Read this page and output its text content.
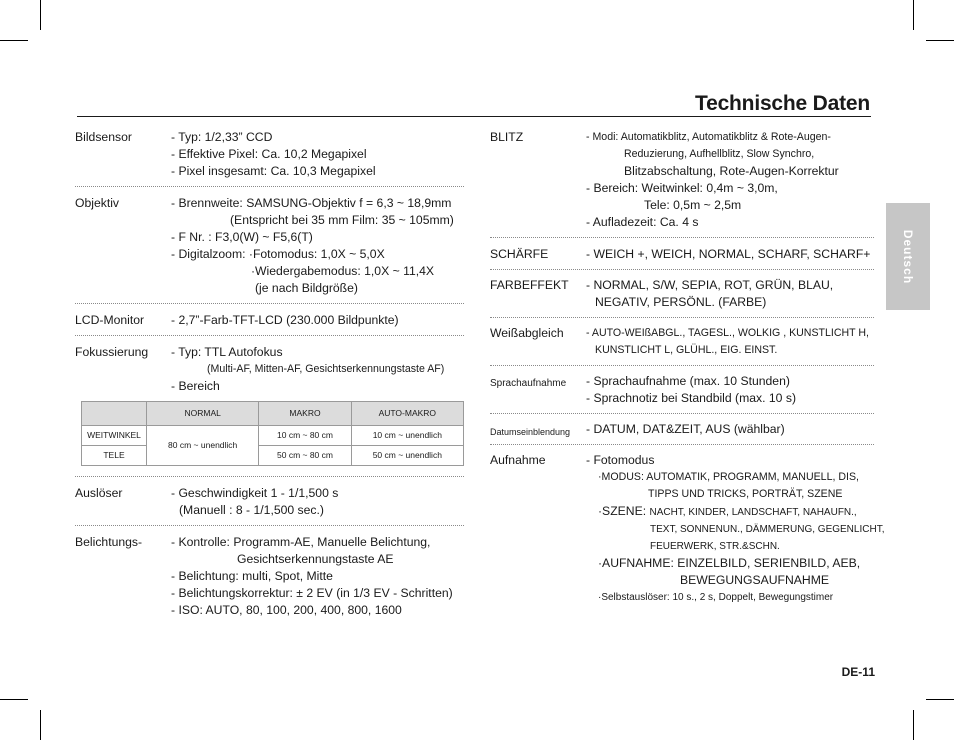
Technische Daten
Deutsch
Bildsensor	- Typ: 1/2,33” CCD
- Effektive Pixel: Ca. 10,2 Megapixel
- Pixel insgesamt: Ca. 10,3 Megapixel
Objektiv	- Brennweite: SAMSUNG-Objektiv f = 6,3 ~ 18,9mm
(Entspricht bei 35 mm Film: 35 ~ 105mm)
- F Nr. : F3,0(W) ~ F5,6(T)
- Digitalzoom: ·Fotomodus: 1,0X ~ 5,0X
·Wiedergabemodus: 1,0X ~ 11,4X
(je nach Bildgröße)
LCD-Monitor - 2,7”-Farb-TFT-LCD (230.000 Bildpunkte)
Fokussierung - Typ: TTL Autofokus
(Multi-AF, Mitten-AF, Gesichtserkennungstaste AF)
- Bereich
	NORMAL	MAKRO	AUTO-MAKRO
WEITWINKEL	80 cm ~ unendlich	10 cm ~ 80 cm	10 cm ~ unendlich
TELE		50 cm ~ 80 cm	50 cm ~ unendlich
Auslöser	- Geschwindigkeit 1 - 1/1,500 s
(Manuell : 8 - 1/1,500 sec.)
Belichtungs- - Kontrolle: Programm-AE, Manuelle Belichtung,
Gesichtserkennungstaste AE
- Belichtung: multi, Spot, Mitte
- Belichtungskorrektur: ± 2 EV (in 1/3 EV - Schritten)
- ISO: AUTO, 80, 100, 200, 400, 800, 1600
BLITZ	- Modi: Automatikblitz, Automatikblitz & Rote-Augen-
Reduzierung, Aufhellblitz, Slow Synchro,
Blitzabschaltung, Rote-Augen-Korrektur
- Bereich: Weitwinkel: 0,4m ~ 3,0m,
Tele: 0,5m ~ 2,5m
- Aufladezeit: Ca. 4 s
SCHÄRFE	- WEICH +, WEICH, NORMAL, SCHARF, SCHARF+
FARBEFFEKT - NORMAL, S/W, SEPIA, ROT, GRÜN, BLAU,
NEGATIV, PERSÖNL. (FARBE)
Weißabgleich - AUTO-WEIßABGL., TAGESL., WOLKIG , KUNSTLICHT H,
KUNSTLICHT L, GLÜHL., EIG. EINST.
Sprachaufnahme - Sprachaufnahme (max. 10 Stunden)
- Sprachnotiz bei Standbild (max. 10 s)
Datumseinblendung - DATUM, DAT&ZEIT, AUS (wählbar)
Aufnahme	- Fotomodus
·MODUS: AUTOMATIK, PROGRAMM, MANUELL, DIS,
TIPPS UND TRICKS, PORTRÄT, SZENE
·SZENE: NACHT, KINDER, LANDSCHAFT, NAHAUFN.,
TEXT, SONNENUN., DÄMMERUNG, GEGENLICHT,
FEUERWERK, STR.&SCHN.
·AUFNAHME: EINZELBILD, SERIENBILD, AEB,
BEWEGUNGSAUFNAHME
·Selbstauslöser: 10 s., 2 s, Doppelt, Bewegungstimer
DE-11
